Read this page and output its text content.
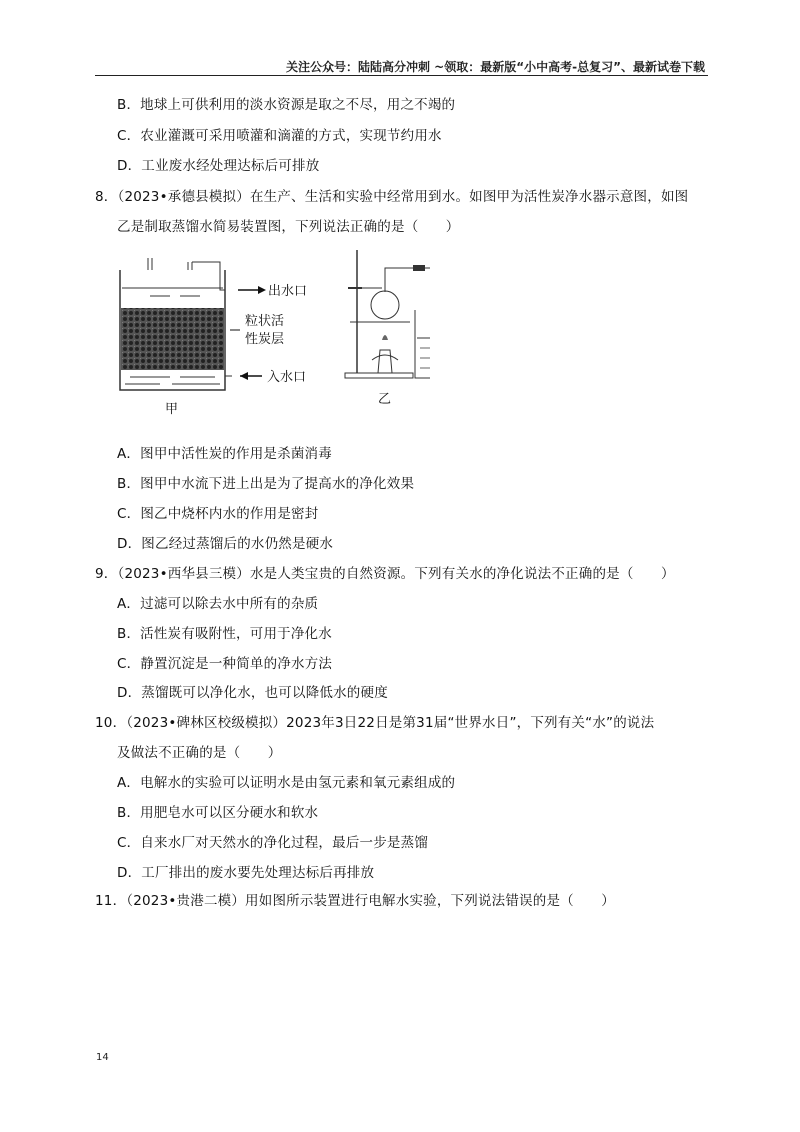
关注公众号：陆陆高分冲刺 ~领取：最新版“小中高考-总复习”、最新试卷下载
B．地球上可供利用的淡水资源是取之不尽，用之不竭的
C．农业灌溉可采用喷灌和滴灌的方式，实现节约用水
D．工业废水经处理达标后可排放
8．（2023•承德县模拟）在生产、生活和实验中经常用到水。如图甲为活性炭净水器示意图，如图
乙是制取蒸馏水简易装置图，下列说法正确的是（　　）
出水口
粒状活
性炭层
入水口
甲
乙
A．图甲中活性炭的作用是杀菌消毒
B．图甲中水流下进上出是为了提高水的净化效果
C．图乙中烧杯内水的作用是密封
D．图乙经过蒸馏后的水仍然是硬水
9．（2023•西华县三模）水是人类宝贵的自然资源。下列有关水的净化说法不正确的是（　　）
A．过滤可以除去水中所有的杂质
B．活性炭有吸附性，可用于净化水
C．静置沉淀是一种简单的净水方法
D．蒸馏既可以净化水，也可以降低水的硬度
10．（2023•碑林区校级模拟）2023年3日22日是第31届“世界水日”，下列有关“水”的说法
及做法不正确的是（　　）
A．电解水的实验可以证明水是由氢元素和氧元素组成的
B．用肥皂水可以区分硬水和软水
C．自来水厂对天然水的净化过程，最后一步是蒸馏
D．工厂排出的废水要先处理达标后再排放
11．（2023•贵港二模）用如图所示装置进行电解水实验，下列说法错误的是（　　）
14
